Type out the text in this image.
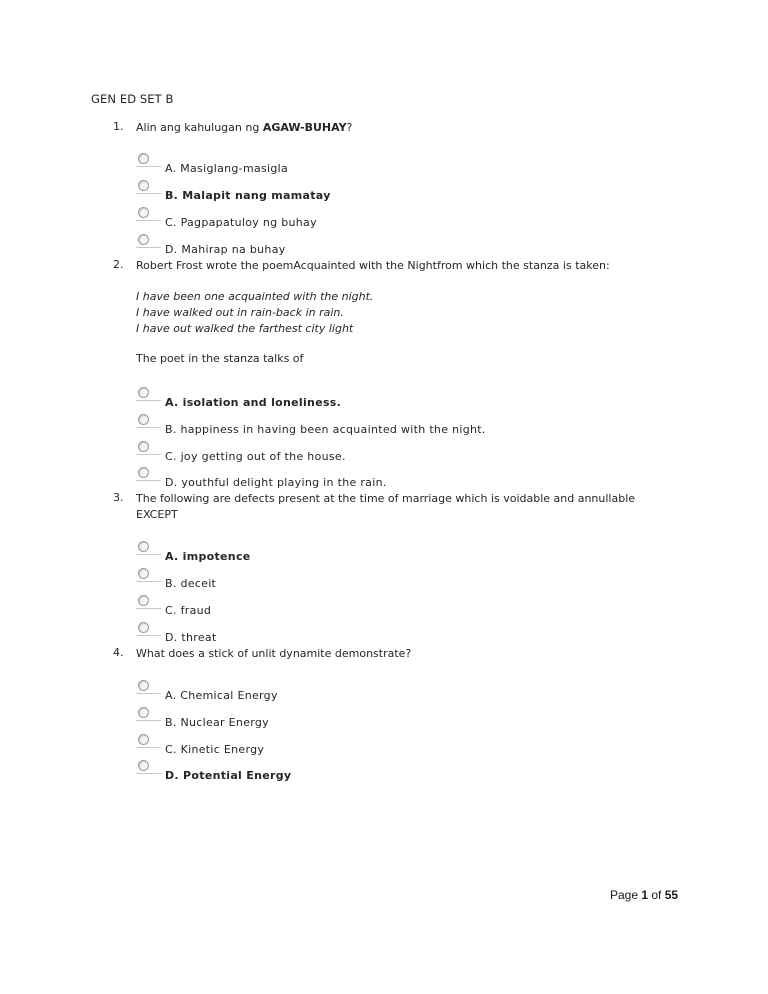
GEN ED SET B
1. Alin ang kahulugan ng AGAW-BUHAY?
A. Masiglang-masigla
B. Malapit nang mamatay
C. Pagpapatuloy ng buhay
D. Mahirap na buhay
2. Robert Frost wrote the poemAcquainted with the Nightfrom which the stanza is taken:
I have been one acquainted with the night.
I have walked out in rain-back in rain.
I have out walked the farthest city light
The poet in the stanza talks of
A. isolation and loneliness.
B. happiness in having been acquainted with the night.
C. joy getting out of the house.
D. youthful delight playing in the rain.
3. The following are defects present at the time of marriage which is voidable and annullable
EXCEPT
A. impotence
B. deceit
C. fraud
D. threat
4. What does a stick of unlit dynamite demonstrate?
A. Chemical Energy
B. Nuclear Energy
C. Kinetic Energy
D. Potential Energy
Page 1 of 55
